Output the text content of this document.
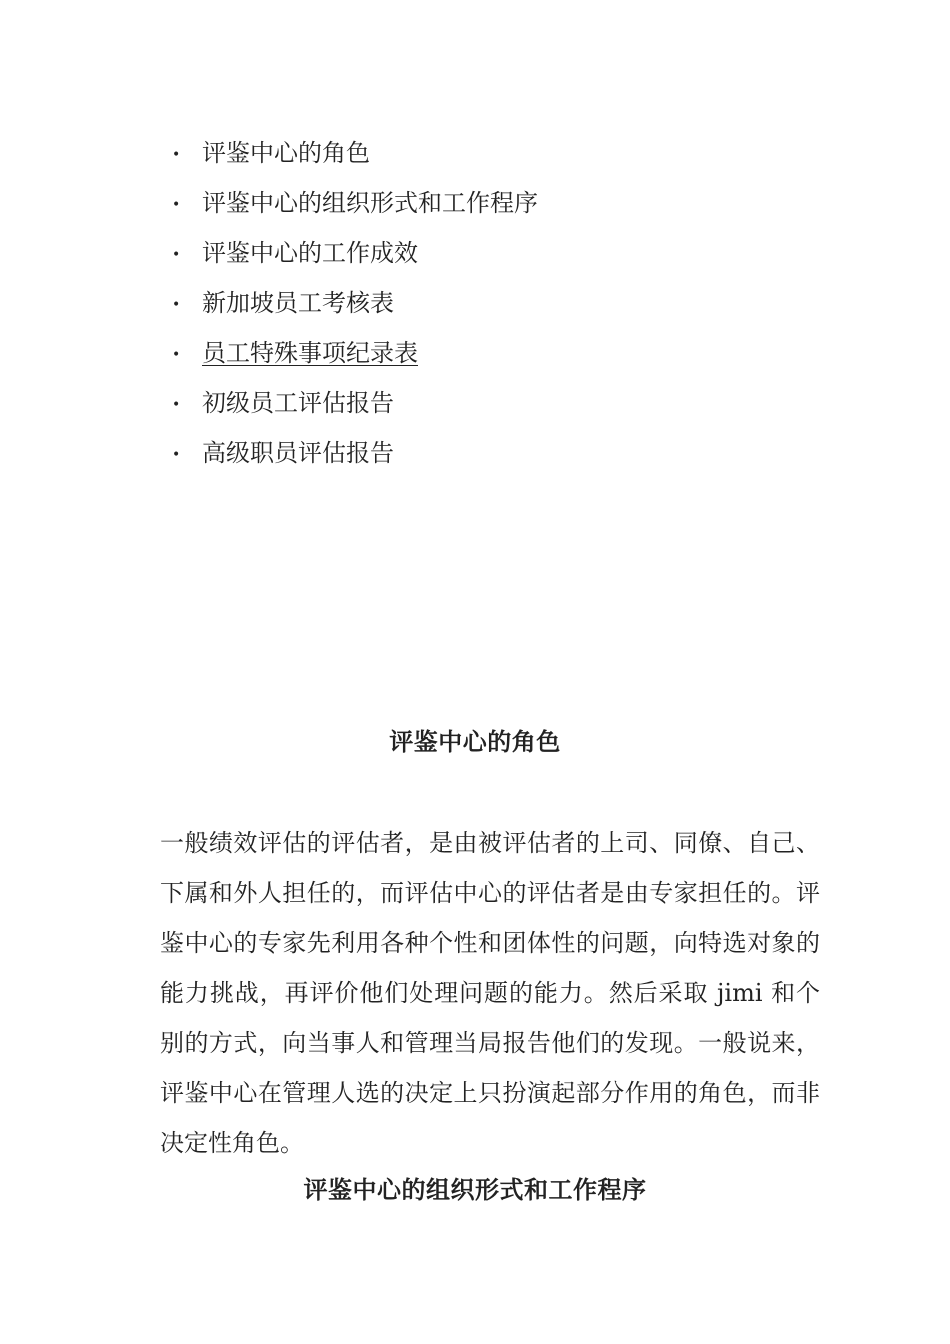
• 评鉴中心的角色
• 评鉴中心的组织形式和工作程序
• 评鉴中心的工作成效
• 新加坡员工考核表
• 员工特殊事项纪录表
• 初级员工评估报告
• 高级职员评估报告
评鉴中心的角色

一般绩效评估的评估者，是由被评估者的上司、同僚、自己、下属和外人担任的，而评估中心的评估者是由专家担任的。评鉴中心的专家先利用各种个性和团体性的问题，向特选对象的能力挑战，再评价他们处理问题的能力。然后采取 jimi 和个别的方式，向当事人和管理当局报告他们的发现。一般说来，评鉴中心在管理人选的决定上只扮演起部分作用的角色，而非决定性角色。

评鉴中心的组织形式和工作程序
